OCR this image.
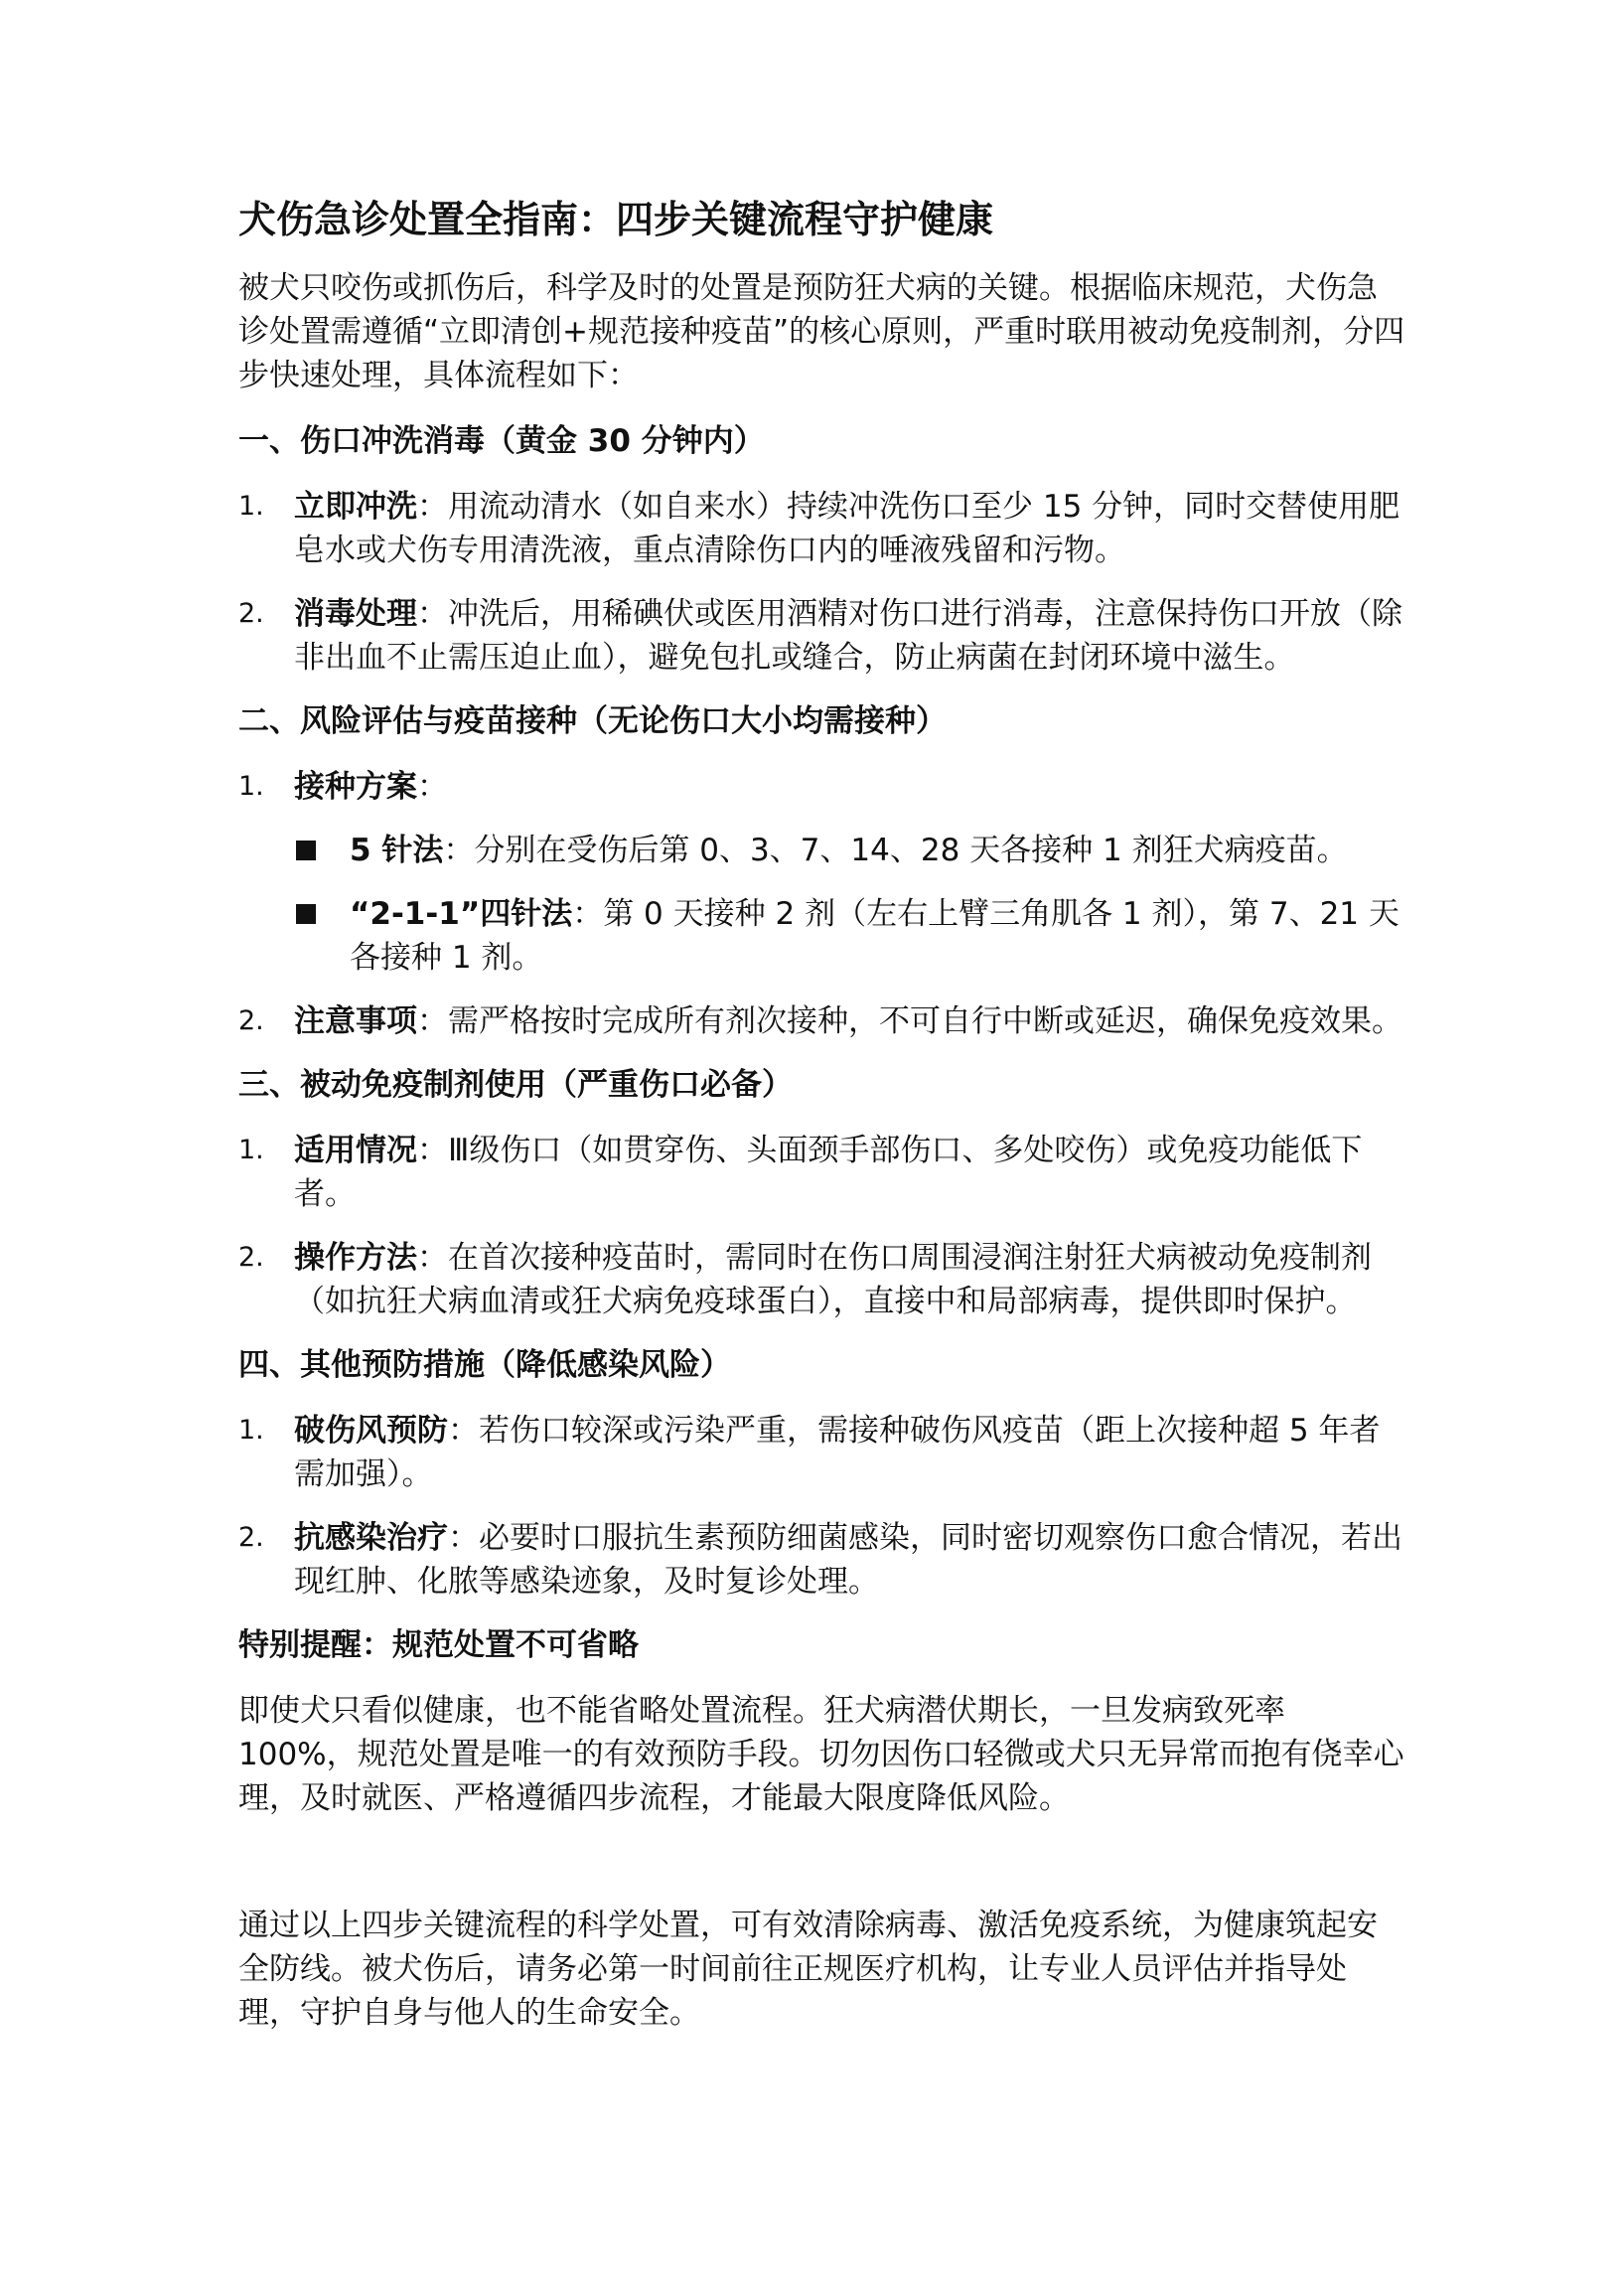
犬伤急诊处置全指南：四步关键流程守护健康

被犬只咬伤或抓伤后，科学及时的处置是预防狂犬病的关键。根据临床规范，犬伤急诊处置需遵循“立即清创+规范接种疫苗”的核心原则，严重时联用被动免疫制剂，分四步快速处理，具体流程如下：

一、伤口冲洗消毒（黄金 30 分钟内）

1. 立即冲洗：用流动清水（如自来水）持续冲洗伤口至少 15 分钟，同时交替使用肥皂水或犬伤专用清洗液，重点清除伤口内的唾液残留和污物。
2. 消毒处理：冲洗后，用稀碘伏或医用酒精对伤口进行消毒，注意保持伤口开放（除非出血不止需压迫止血），避免包扎或缝合，防止病菌在封闭环境中滋生。

二、风险评估与疫苗接种（无论伤口大小均需接种）

1. 接种方案：
5 针法：分别在受伤后第 0、3、7、14、28 天各接种 1 剂狂犬病疫苗。
“2-1-1”四针法：第 0 天接种 2 剂（左右上臂三角肌各 1 剂），第 7、21 天各接种 1 剂。
2. 注意事项：需严格按时完成所有剂次接种，不可自行中断或延迟，确保免疫效果。

三、被动免疫制剂使用（严重伤口必备）

1. 适用情况：Ⅲ级伤口（如贯穿伤、头面颈手部伤口、多处咬伤）或免疫功能低下者。
2. 操作方法：在首次接种疫苗时，需同时在伤口周围浸润注射狂犬病被动免疫制剂（如抗狂犬病血清或狂犬病免疫球蛋白），直接中和局部病毒，提供即时保护。

四、其他预防措施（降低感染风险）

1. 破伤风预防：若伤口较深或污染严重，需接种破伤风疫苗（距上次接种超 5 年者需加强）。
2. 抗感染治疗：必要时口服抗生素预防细菌感染，同时密切观察伤口愈合情况，若出现红肿、化脓等感染迹象，及时复诊处理。

特别提醒：规范处置不可省略

即使犬只看似健康，也不能省略处置流程。狂犬病潜伏期长，一旦发病致死率 100%，规范处置是唯一的有效预防手段。切勿因伤口轻微或犬只无异常而抱有侥幸心理，及时就医、严格遵循四步流程，才能最大限度降低风险。

通过以上四步关键流程的科学处置，可有效清除病毒、激活免疫系统，为健康筑起安全防线。被犬伤后，请务必第一时间前往正规医疗机构，让专业人员评估并指导处理，守护自身与他人的生命安全。
